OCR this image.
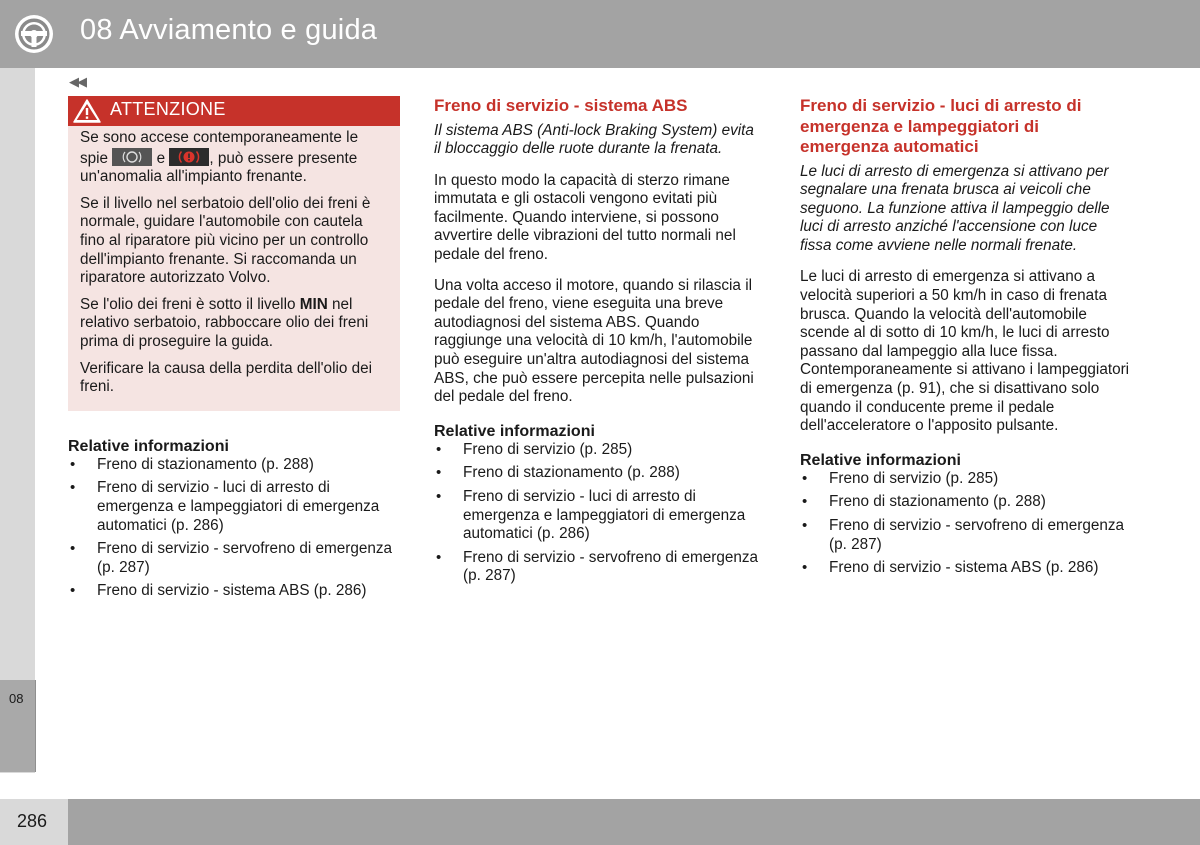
08 Avviamento e guida
08
◀◀
ATTENZIONE

Se sono accese contemporaneamente le spie	e	, può essere presente un'anomalia all'impianto frenante.

Se il livello nel serbatoio dell'olio dei freni è normale, guidare l'automobile con cautela fino al riparatore più vicino per un controllo dell'impianto frenante. Si raccomanda un riparatore autorizzato Volvo.

Se l'olio dei freni è sotto il livello MIN nel relativo serbatoio, rabboccare olio dei freni prima di proseguire la guida.

Verificare la causa della perdita dell'olio dei freni.

Relative informazioni
• Freno di stazionamento (p. 288)
• Freno di servizio - luci di arresto di emergenza e lampeggiatori di emergenza automatici (p. 286)
• Freno di servizio - servofreno di emergenza (p. 287)
• Freno di servizio - sistema ABS (p. 286)
Freno di servizio - sistema ABS

Il sistema ABS (Anti-lock Braking System) evita il bloccaggio delle ruote durante la frenata.

In questo modo la capacità di sterzo rimane immutata e gli ostacoli vengono evitati più facilmente. Quando interviene, si possono avvertire delle vibrazioni del tutto normali nel pedale del freno.

Una volta acceso il motore, quando si rilascia il pedale del freno, viene eseguita una breve autodiagnosi del sistema ABS. Quando raggiunge una velocità di 10 km/h, l'automobile può eseguire un'altra autodiagnosi del sistema ABS, che può essere percepita nelle pulsazioni del pedale del freno.

Relative informazioni
• Freno di servizio (p. 285)
• Freno di stazionamento (p. 288)
• Freno di servizio - luci di arresto di emergenza e lampeggiatori di emergenza automatici (p. 286)
• Freno di servizio - servofreno di emergenza (p. 287)
Freno di servizio - luci di arresto di emergenza e lampeggiatori di emergenza automatici

Le luci di arresto di emergenza si attivano per segnalare una frenata brusca ai veicoli che seguono. La funzione attiva il lampeggio delle luci di arresto anziché l'accensione con luce fissa come avviene nelle normali frenate.

Le luci di arresto di emergenza si attivano a velocità superiori a 50 km/h in caso di frenata brusca. Quando la velocità dell'automobile scende al di sotto di 10 km/h, le luci di arresto passano dal lampeggio alla luce fissa. Contemporaneamente si attivano i lampeggiatori di emergenza (p. 91), che si disattivano solo quando il conducente preme il pedale dell'acceleratore o l'apposito pulsante.

Relative informazioni
• Freno di servizio (p. 285)
• Freno di stazionamento (p. 288)
• Freno di servizio - servofreno di emergenza (p. 287)
• Freno di servizio - sistema ABS (p. 286)
286
